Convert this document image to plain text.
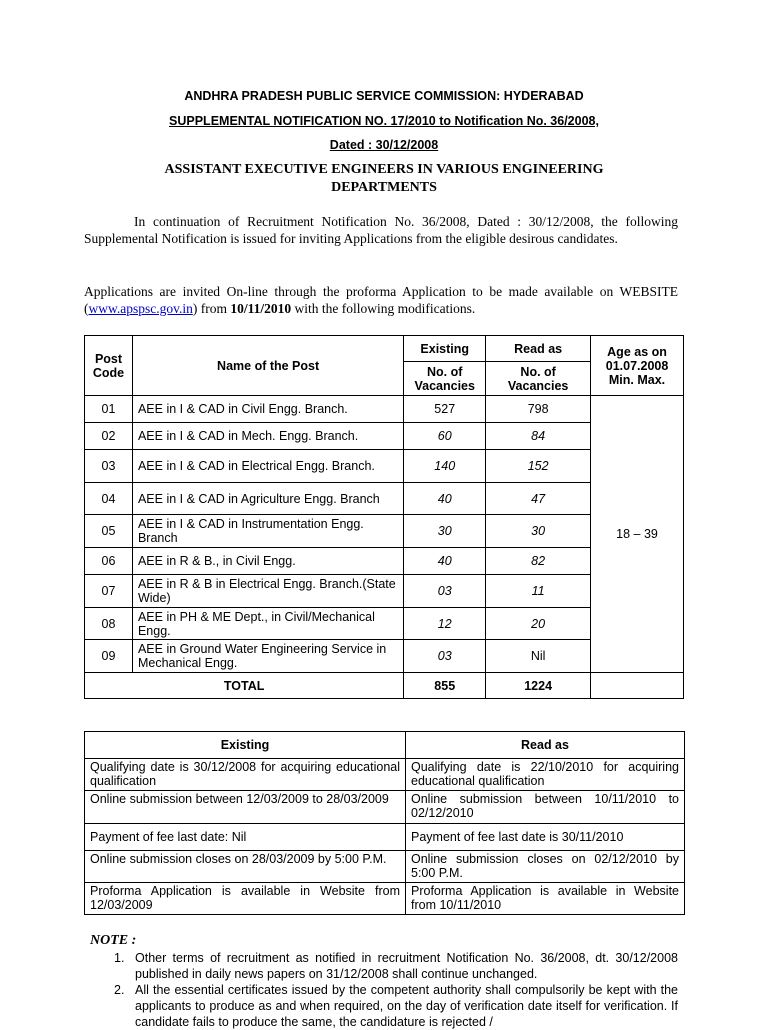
ANDHRA PRADESH PUBLIC SERVICE COMMISSION: HYDERABAD
SUPPLEMENTAL NOTIFICATION NO. 17/2010 to Notification No. 36/2008,
Dated : 30/12/2008
ASSISTANT EXECUTIVE ENGINEERS IN VARIOUS ENGINEERING DEPARTMENTS
In continuation of Recruitment Notification No. 36/2008, Dated : 30/12/2008, the following Supplemental Notification is issued for inviting Applications from the eligible desirous candidates.
Applications are invited On-line through the proforma Application to be made available on WEBSITE (www.apspsc.gov.in) from 10/11/2010 with the following modifications.
Post Code	Name of the Post	Existing	Read as	Age as on 01.07.2008 Min. Max.
		No. of Vacancies	No. of Vacancies	
01	AEE in I & CAD in Civil Engg. Branch.	527	798	18 – 39
02	AEE in I & CAD in Mech. Engg. Branch.	60	84	
03	AEE in I & CAD in Electrical Engg. Branch.	140	152	
04	AEE in I & CAD in Agriculture Engg. Branch	40	47	
05	AEE in I & CAD in Instrumentation Engg. Branch	30	30	
06	AEE in R & B., in Civil Engg.	40	82	
07	AEE in R & B in Electrical Engg. Branch.(State Wide)	03	11	
08	AEE in PH & ME Dept., in Civil/Mechanical Engg.	12	20	
09	AEE in Ground Water Engineering Service in Mechanical Engg.	03	Nil	
TOTAL		855	1224	
Existing	Read as
Qualifying date is 30/12/2008 for acquiring educational qualification	Qualifying date is 22/10/2010 for acquiring educational qualification
Online submission between 12/03/2009 to 28/03/2009	Online submission between 10/11/2010 to 02/12/2010
Payment of fee last date: Nil	Payment of fee last date is 30/11/2010
Online submission closes on 28/03/2009 by 5:00 P.M.	Online submission closes on 02/12/2010 by 5:00 P.M.
Proforma Application is available in Website from 12/03/2009	Proforma Application is available in Website from 10/11/2010
NOTE :
1. Other terms of recruitment as notified in recruitment Notification No. 36/2008, dt. 30/12/2008 published in daily news papers on 31/12/2008 shall continue unchanged.
2. All the essential certificates issued by the competent authority shall compulsorily be kept with the applicants to produce as and when required, on the day of verification date itself for verification. If candidate fails to produce the same, the candidature is rejected /
